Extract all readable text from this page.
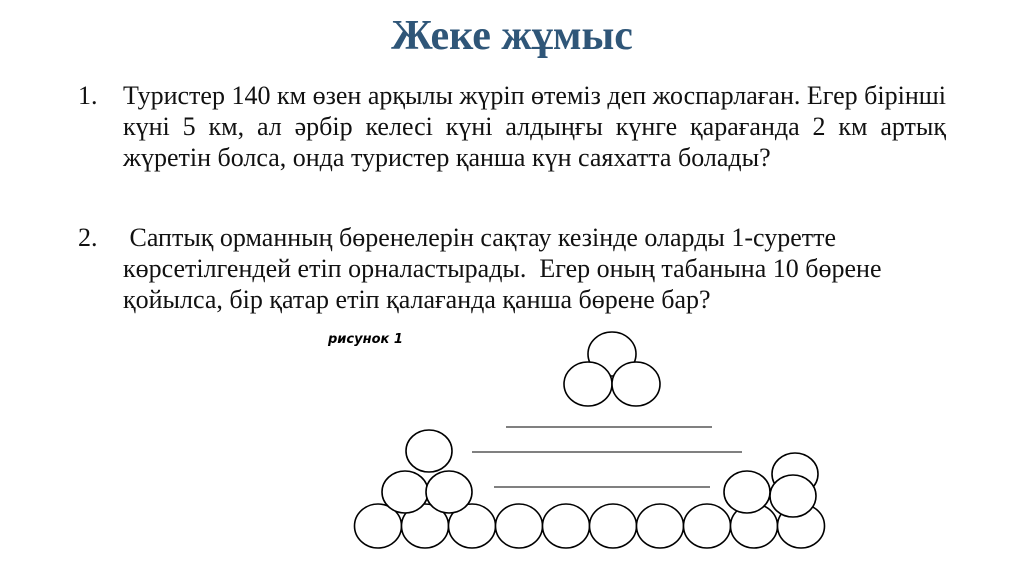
Жеке жұмыс
1. Туристер 140 км өзен арқылы жүріп өтеміз деп жоспарлаған. Егер бірінші күні 5 км, ал әрбір келесі күні алдыңғы күнге қарағанда 2 км артық жүретін болса, онда туристер қанша күн саяхатта болады?
2. Саптық орманның бөренелерін сақтау кезінде оларды 1-суретте көрсетілгендей етіп орналастырады.  Егер оның табанына 10 бөрене қойылса, бір қатар етіп қалағанда қанша бөрене бар?
рисунок 1
